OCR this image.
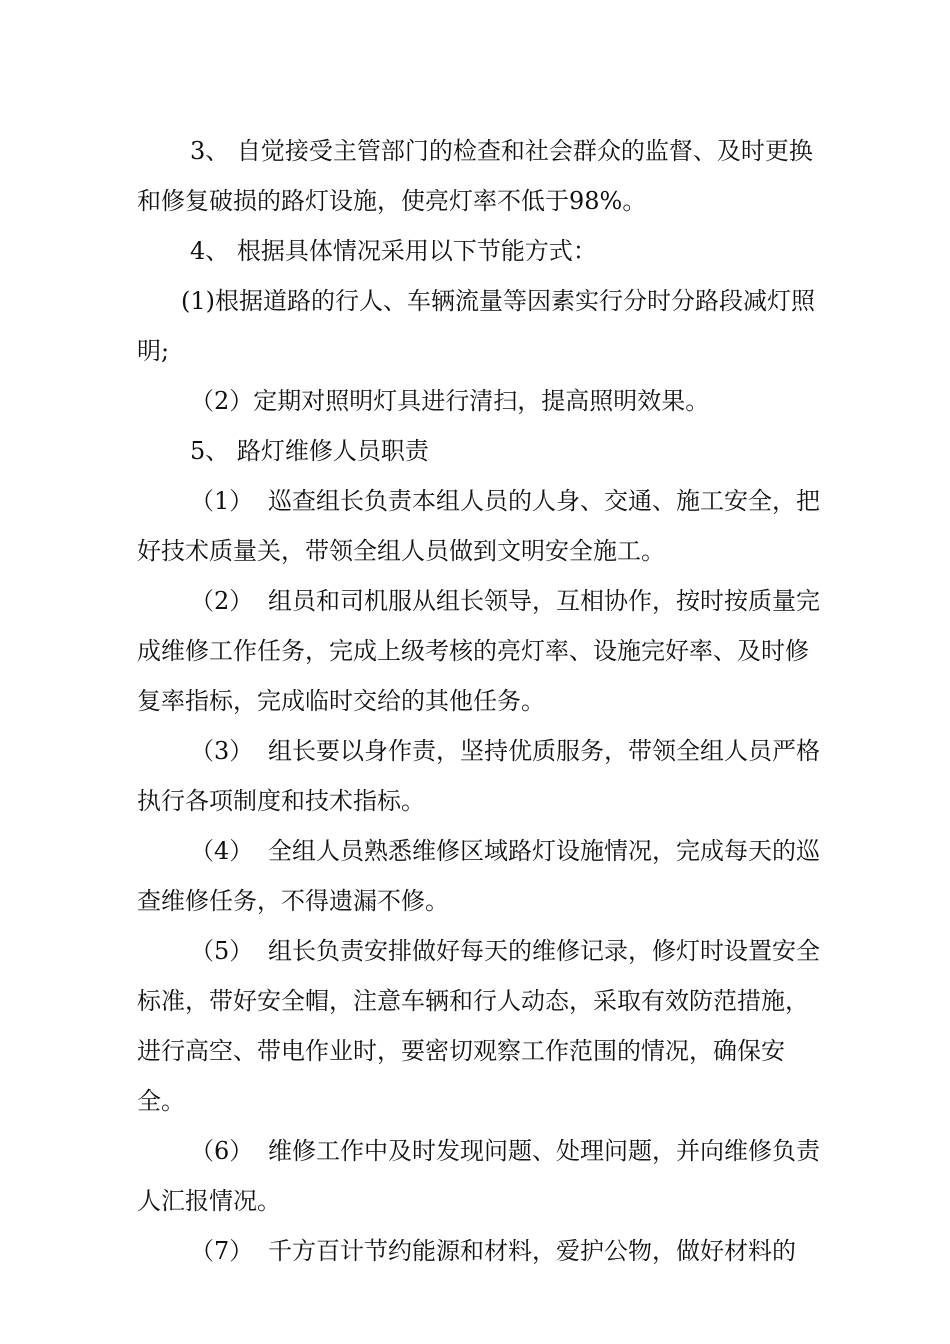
3、 自觉接受主管部门的检查和社会群众的监督、及时更换和修复破损的路灯设施，使亮灯率不低于98%。

4、 根据具体情况采用以下节能方式：

(1)根据道路的行人、车辆流量等因素实行分时分路段减灯照明;

（2）定期对照明灯具进行清扫，提高照明效果。

5、 路灯维修人员职责

（1） 巡查组长负责本组人员的人身、交通、施工安全，把好技术质量关，带领全组人员做到文明安全施工。

（2） 组员和司机服从组长领导，互相协作，按时按质量完成维修工作任务，完成上级考核的亮灯率、设施完好率、及时修复率指标，完成临时交给的其他任务。

（3） 组长要以身作责，坚持优质服务，带领全组人员严格执行各项制度和技术指标。

（4） 全组人员熟悉维修区域路灯设施情况，完成每天的巡查维修任务，不得遗漏不修。

（5） 组长负责安排做好每天的维修记录，修灯时设置安全标准，带好安全帽，注意车辆和行人动态，采取有效防范措施，进行高空、带电作业时，要密切观察工作范围的情况，确保安全。

（6） 维修工作中及时发现问题、处理问题，并向维修负责人汇报情况。

（7） 千方百计节约能源和材料，爱护公物，做好材料的
